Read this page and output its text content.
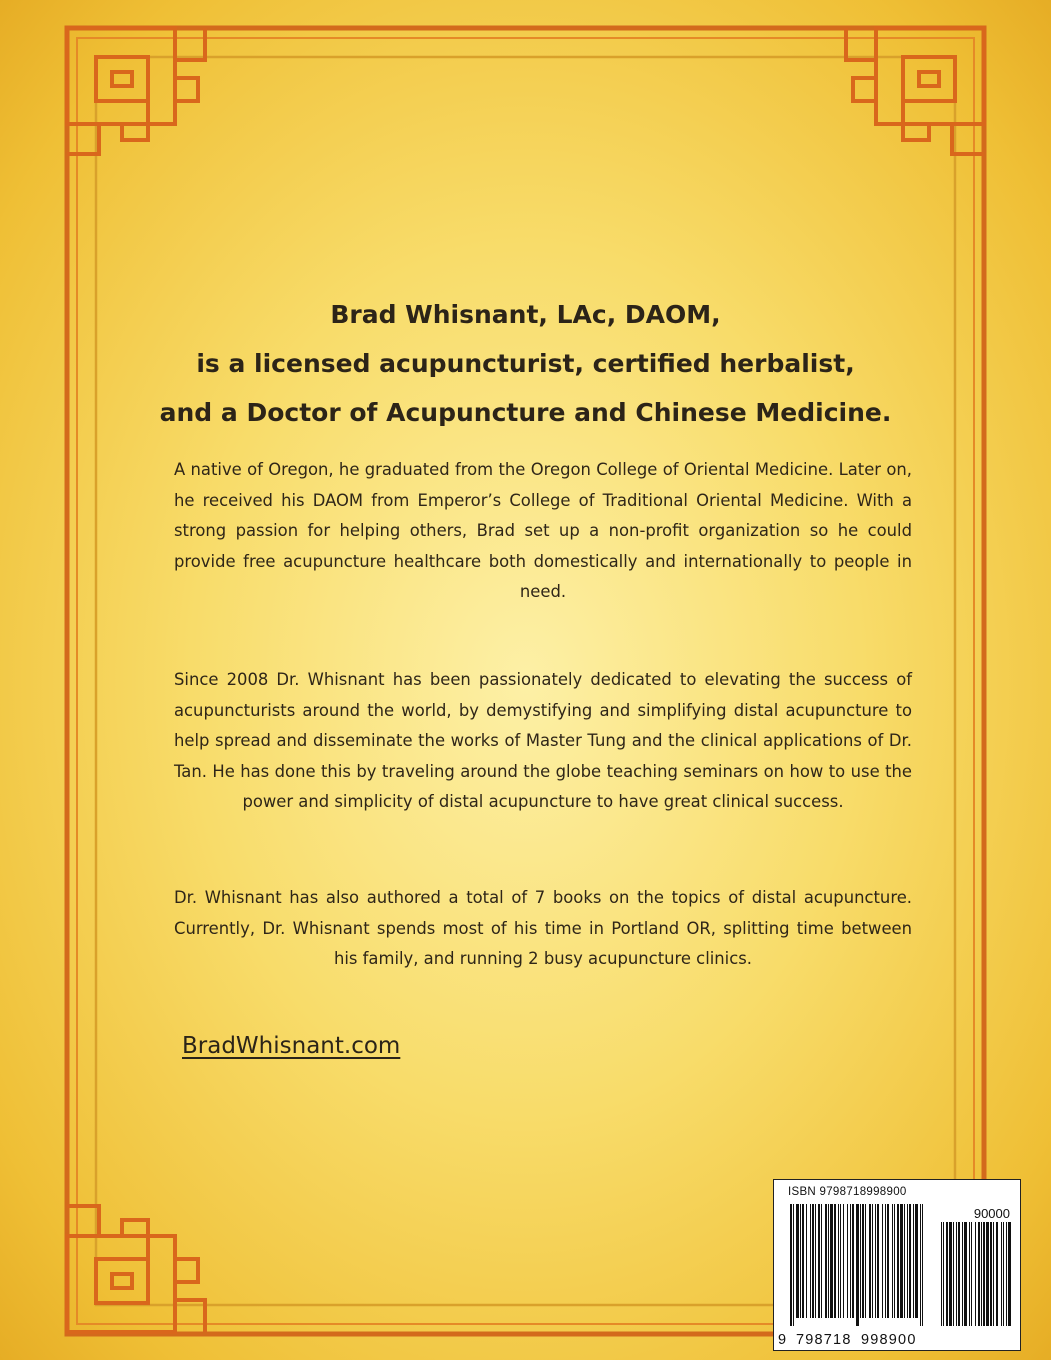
Brad Whisnant, LAc, DAOM,
is a licensed acupuncturist, certified herbalist,
and a Doctor of Acupuncture and Chinese Medicine.

A native of Oregon, he graduated from the Oregon College of Oriental Medicine. Later on, he received his DAOM from Emperor’s College of Traditional Oriental Medicine. With a strong passion for helping others, Brad set up a non-profit organization so he could provide free acupuncture healthcare both domestically and internationally to people in need.

Since 2008 Dr. Whisnant has been passionately dedicated to elevating the success of acupuncturists around the world, by demystifying and simplifying distal acupuncture to help spread and disseminate the works of Master Tung and the clinical applications of Dr. Tan. He has done this by traveling around the globe teaching seminars on how to use the power and simplicity of distal acupuncture to have great clinical success.

Dr. Whisnant has also authored a total of 7 books on the topics of distal acupuncture. Currently, Dr. Whisnant spends most of his time in Portland OR, splitting time between his family, and running 2 busy acupuncture clinics.

BradWhisnant.com
ISBN 9798718998900
90000
9 798718 998900
